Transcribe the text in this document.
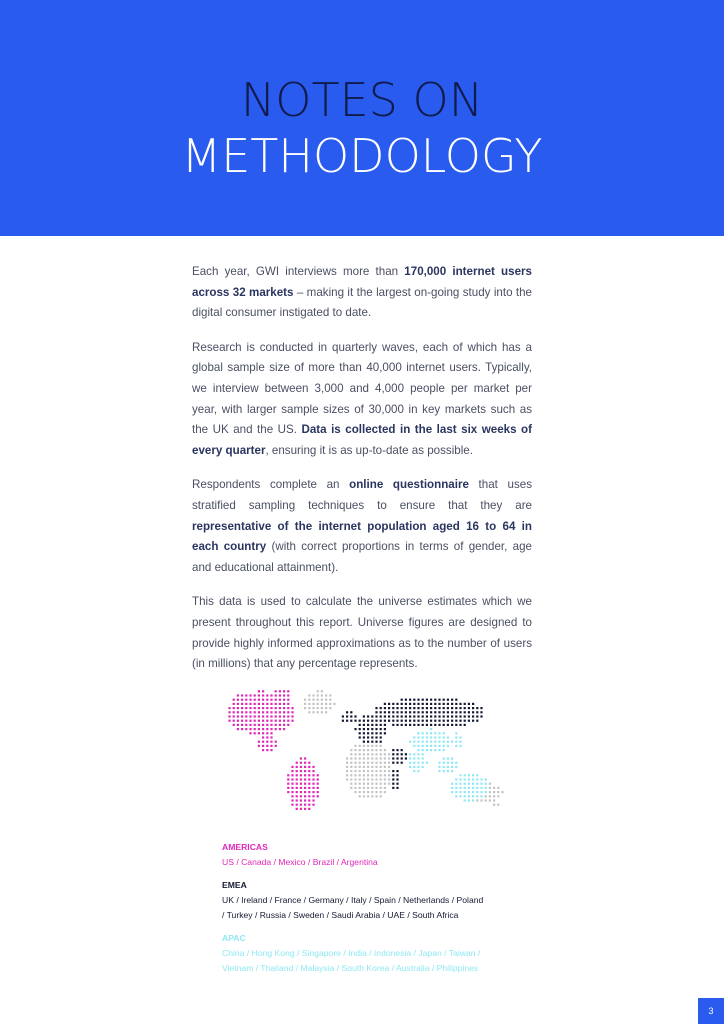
NOTES ON
METHODOLOGY

Each year, GWI interviews more than 170,000 internet users across 32 markets – making it the largest on-going study into the digital consumer instigated to date.

Research is conducted in quarterly waves, each of which has a global sample size of more than 40,000 internet users. Typically, we interview between 3,000 and 4,000 people per market per year, with larger sample sizes of 30,000 in key markets such as the UK and the US. Data is collected in the last six weeks of every quarter, ensuring it is as up-to-date as possible.

Respondents complete an online questionnaire that uses stratified sampling techniques to ensure that they are representative of the internet population aged 16 to 64 in each country (with correct proportions in terms of gender, age and educational attainment).

This data is used to calculate the universe estimates which we present throughout this report. Universe figures are designed to provide highly informed approximations as to the number of users (in millions) that any percentage represents.

AMERICAS
US / Canada / Mexico / Brazil / Argentina
EMEA
UK / Ireland / France / Germany / Italy / Spain / Netherlands / Poland
/ Turkey / Russia / Sweden / Saudi Arabia / UAE / South Africa
APAC
China / Hong Kong / Singapore / India / Indonesia / Japan / Taiwan /
Vietnam / Thailand / Malaysia / South Korea / Australia / Philippines
3
